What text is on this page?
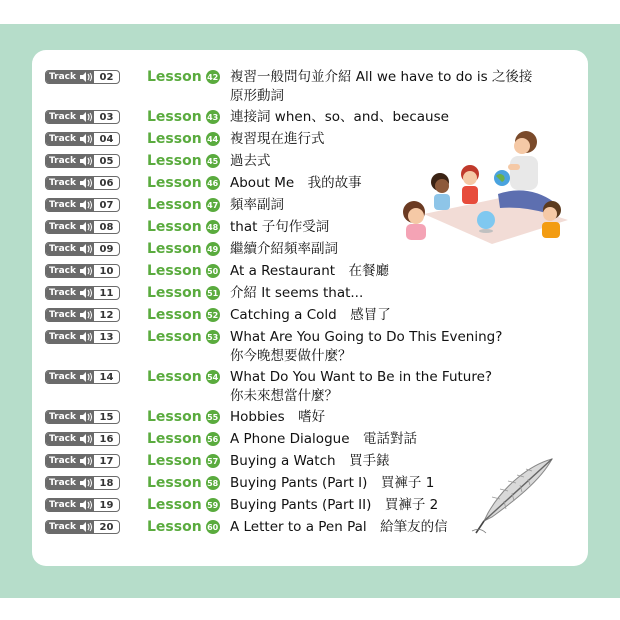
Track	02	Lesson 42 複習一般問句並介紹 All we have to do is 之後接
原形動詞
Track	03	Lesson 43 連接詞 when、so、and、because
Track	04	Lesson 44 複習現在進行式
Track	05	Lesson 45 過去式
Track	06	Lesson 46 About Me　我的故事
Track	07	Lesson 47 頻率副詞
Track	08	Lesson 48 that 子句作受詞
Track	09	Lesson 49 繼續介紹頻率副詞
Track	10	Lesson 50 At a Restaurant　在餐廳
Track	11	Lesson 51 介紹 It seems that...
Track	12	Lesson 52 Catching a Cold　感冒了
Track	13	Lesson 53 What Are You Going to Do This Evening?
你今晚想要做什麼？
Track	14	Lesson 54 What Do You Want to Be in the Future?
你未來想當什麼？
Track	15	Lesson 55 Hobbies　嗜好
Track	16	Lesson 56 A Phone Dialogue　電話對話
Track	17	Lesson 57 Buying a Watch　買手錶
Track	18	Lesson 58 Buying Pants (Part I)　買褲子 1
Track	19	Lesson 59 Buying Pants (Part II)　買褲子 2
Track	20	Lesson 60 A Letter to a Pen Pal　給筆友的信
